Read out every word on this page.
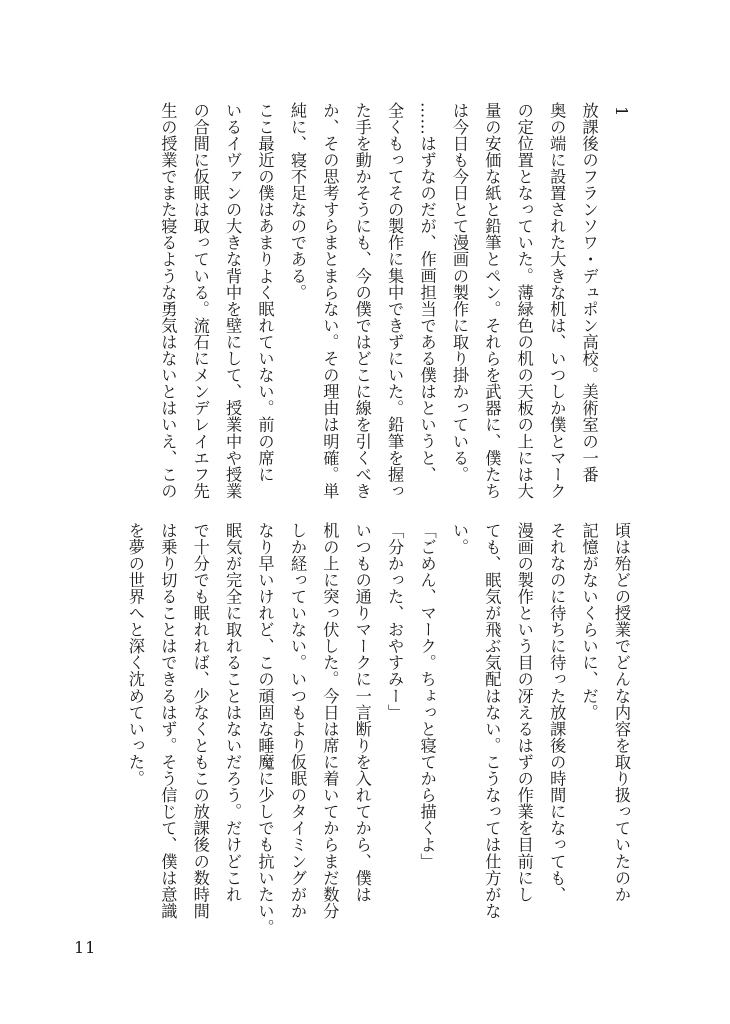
1
放課後のフランソワ・デュポン高校。美術室の一番
奥の端に設置された大きな机は、いつしか僕とマーク
の定位置となっていた。薄緑色の机の天板の上には大
量の安価な紙と鉛筆とペン。それらを武器に、僕たち
は今日も今日とて漫画の製作に取り掛かっている。
……はずなのだが、作画担当である僕はというと、
全くもってその製作に集中できずにいた。鉛筆を握っ
た手を動かそうにも、今の僕ではどこに線を引くべき
か、その思考すらまとまらない。その理由は明確。単
純に、寝不足なのである。
ここ最近の僕はあまりよく眠れていない。前の席に
いるイヴァンの大きな背中を壁にして、授業中や授業
の合間に仮眠は取っている。流石にメンデレイエフ先
生の授業でまた寝るような勇気はないとはいえ、この
頃は殆どの授業でどんな内容を取り扱っていたのか
記憶がないくらいに、だ。
それなのに待ちに待った放課後の時間になっても、
漫画の製作という目の冴えるはずの作業を目前にし
ても、眠気が飛ぶ気配はない。こうなっては仕方がな
い。
「ごめん、マーク。ちょっと寝てから描くよ」
「分かった、おやすみー」
いつもの通りマークに一言断りを入れてから、僕は
机の上に突っ伏した。今日は席に着いてからまだ数分
しか経っていない。いつもより仮眠のタイミングがか
なり早いけれど、この頑固な睡魔に少しでも抗いたい。
眠気が完全に取れることはないだろう。だけどこれ
で十分でも眠れれば、少なくともこの放課後の数時間
は乗り切ることはできるはず。そう信じて、僕は意識
を夢の世界へと深く沈めていった。
11
